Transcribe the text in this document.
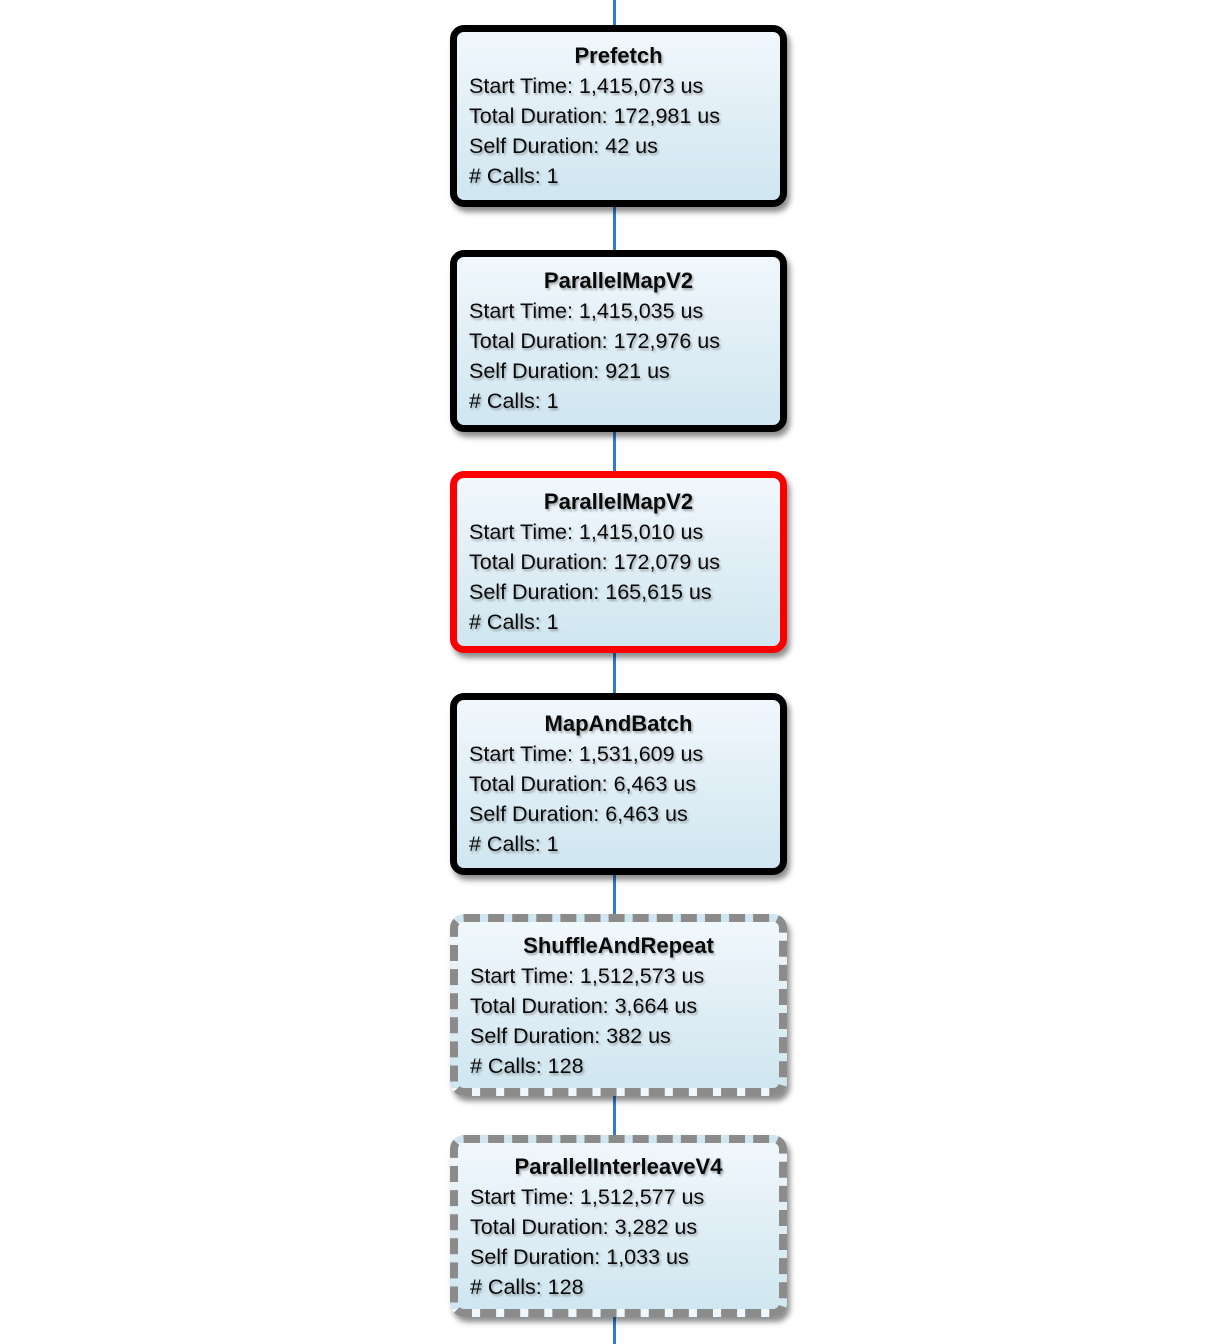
Prefetch
Start Time: 1,415,073 us
Total Duration: 172,981 us
Self Duration: 42 us
# Calls: 1
ParallelMapV2
Start Time: 1,415,035 us
Total Duration: 172,976 us
Self Duration: 921 us
# Calls: 1
ParallelMapV2
Start Time: 1,415,010 us
Total Duration: 172,079 us
Self Duration: 165,615 us
# Calls: 1
MapAndBatch
Start Time: 1,531,609 us
Total Duration: 6,463 us
Self Duration: 6,463 us
# Calls: 1
ShuffleAndRepeat
Start Time: 1,512,573 us
Total Duration: 3,664 us
Self Duration: 382 us
# Calls: 128
ParallelInterleaveV4
Start Time: 1,512,577 us
Total Duration: 3,282 us
Self Duration: 1,033 us
# Calls: 128
